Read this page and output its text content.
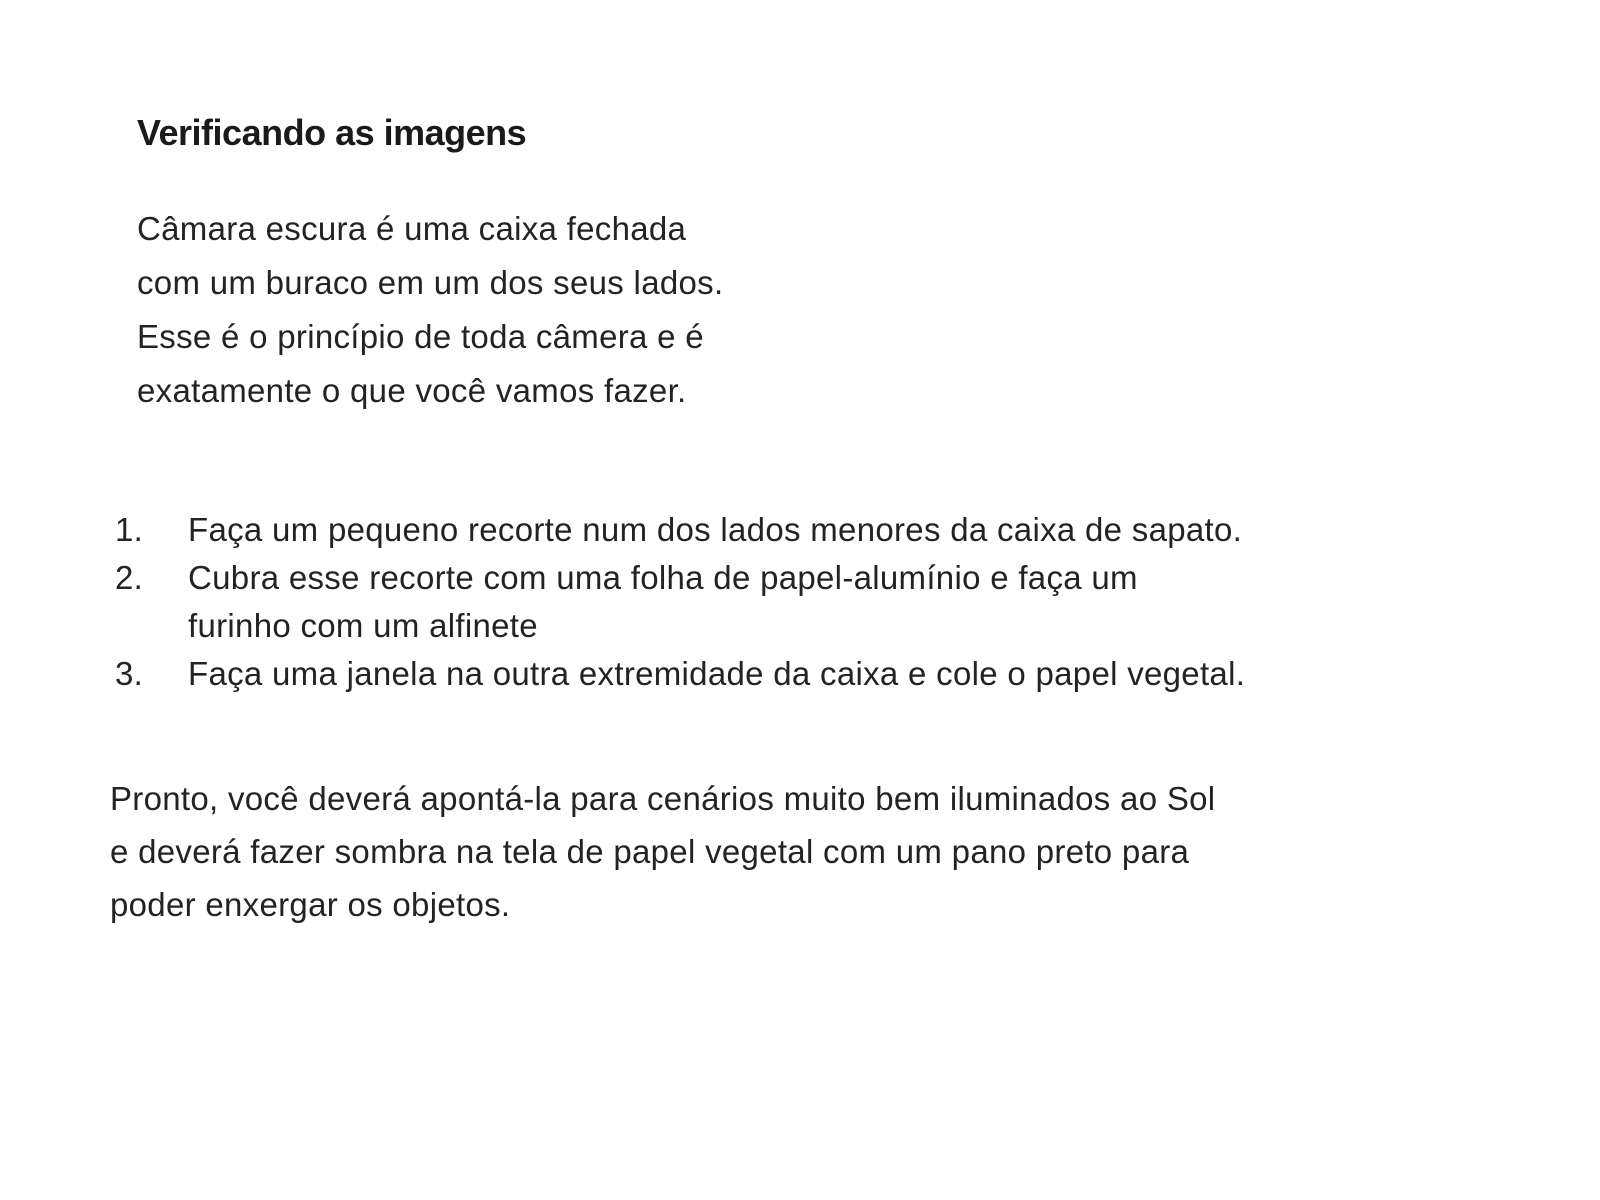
Verificando as imagens
Câmara escura é uma caixa fechada
com um buraco em um dos seus lados.
Esse é o princípio de toda câmera e é
exatamente o que você vamos fazer.
1.	Faça um pequeno recorte num dos lados menores da caixa de sapato.
2.	Cubra esse recorte com uma folha de papel-alumínio e faça um
furinho com um alfinete
3.	Faça uma janela na outra extremidade da caixa e cole o papel vegetal.
Pronto, você deverá apontá-la para cenários muito bem iluminados ao Sol
e deverá fazer sombra na tela de papel vegetal com um pano preto para
poder enxergar os objetos.
